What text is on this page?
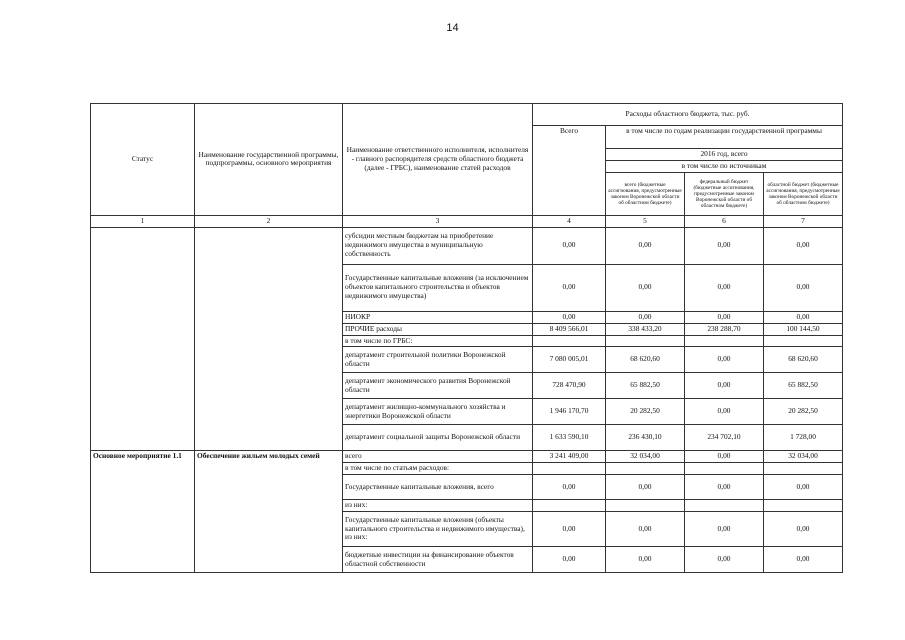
14
Статус	Наименование государственной программы, подпрограммы, основного мероприятия	Наименование ответственного исполнителя, исполнителя - главного распорядителя средств областного бюджета (далее - ГРБС), наименование статей расходов	Расходы областного бюджета, тыс. руб.			
			Всего	в том числе по годам реализации государственной программы		
				2016 год, всего		
				в том числе по источникам		
				всего (бюджетные ассигнования, предусмотренные законом Воронежской области об областном бюджете)	федеральный бюджет (бюджетные ассигнования, предусмотренные законом Воронежской области об областном бюджете)	областной бюджет (бюджетные ассигнования, предусмотренные законом Воронежской области об областном бюджете)
1	2	3	4	5	6	7
		субсидии местным бюджетам на приобретение недвижимого имущества в муниципальную собственность	0,00	0,00	0,00	0,00
		Государственные капитальные вложения (за исключением объектов капитального строительства и объектов недвижимого имущества)	0,00	0,00	0,00	0,00
		НИОКР	0,00	0,00	0,00	0,00
		ПРОЧИЕ расходы	8 409 566,01	338 433,20	238 288,70	100 144,50
		в том числе по ГРБС:				
		департамент строительной политики Воронежской области	7 080 005,01	68 620,60	0,00	68 620,60
		департамент экономического развития Воронежской области	728 470,90	65 882,50	0,00	65 882,50
		департамент жилищно-коммунального хозяйства и энергетики Воронежской области	1 946 170,70	20 282,50	0,00	20 282,50
		департамент социальной защиты Воронежской области	1 633 590,10	236 430,10	234 702,10	1 728,00
Основное мероприятие 1.1	Обеспечение жильем молодых семей	всего	3 241 409,00	32 034,00	0,00	32 034,00
		в том числе по статьям расходов:				
		Государственные капитальные вложения, всего	0,00	0,00	0,00	0,00
		из них:				
		Государственные капитальные вложения (объекты капитального строительства и недвижимого имущества), из них:	0,00	0,00	0,00	0,00
		бюджетные инвестиции на финансирование объектов областной собственности	0,00	0,00	0,00	0,00
